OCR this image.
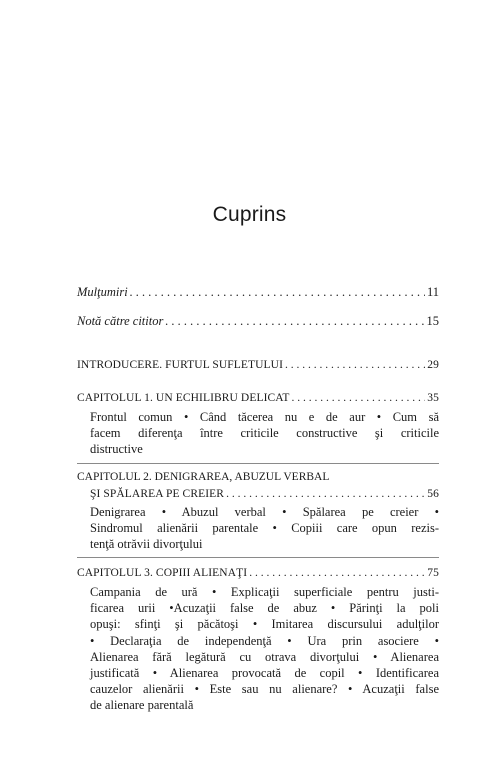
Cuprins
Mulţumiri . . .	11
Notă către cititor . . .	15
INTRODUCERE. FURTUL SUFLETULUI . . .	29
CAPITOLUL 1. UN ECHILIBRU DELICAT . . .	35
Frontul comun • Când tăcerea nu e de aur • Cum să
facem diferenţa între criticile constructive şi criticile
distructive
CAPITOLUL 2. DENIGRAREA, ABUZUL VERBAL
ŞI SPĂLAREA PE CREIER . . .	56
Denigrarea • Abuzul verbal • Spălarea pe creier •
Sindromul alienării parentale • Copiii care opun rezis-
tenţă otrăvii divorţului
CAPITOLUL 3. COPIII ALIENAŢI . . .	75
Campania de ură • Explicaţii superficiale pentru justi-
ficarea urii •Acuzaţii false de abuz • Părinţi la poli
opuşi: sfinţi şi păcătoşi • Imitarea discursului adulţilor
• Declaraţia de independenţă • Ura prin asociere •
Alienarea fără legătură cu otrava divorţului • Alienarea
justificată • Alienarea provocată de copil • Identificarea
cauzelor alienării • Este sau nu alienare? • Acuzaţii false
de alienare parentală
